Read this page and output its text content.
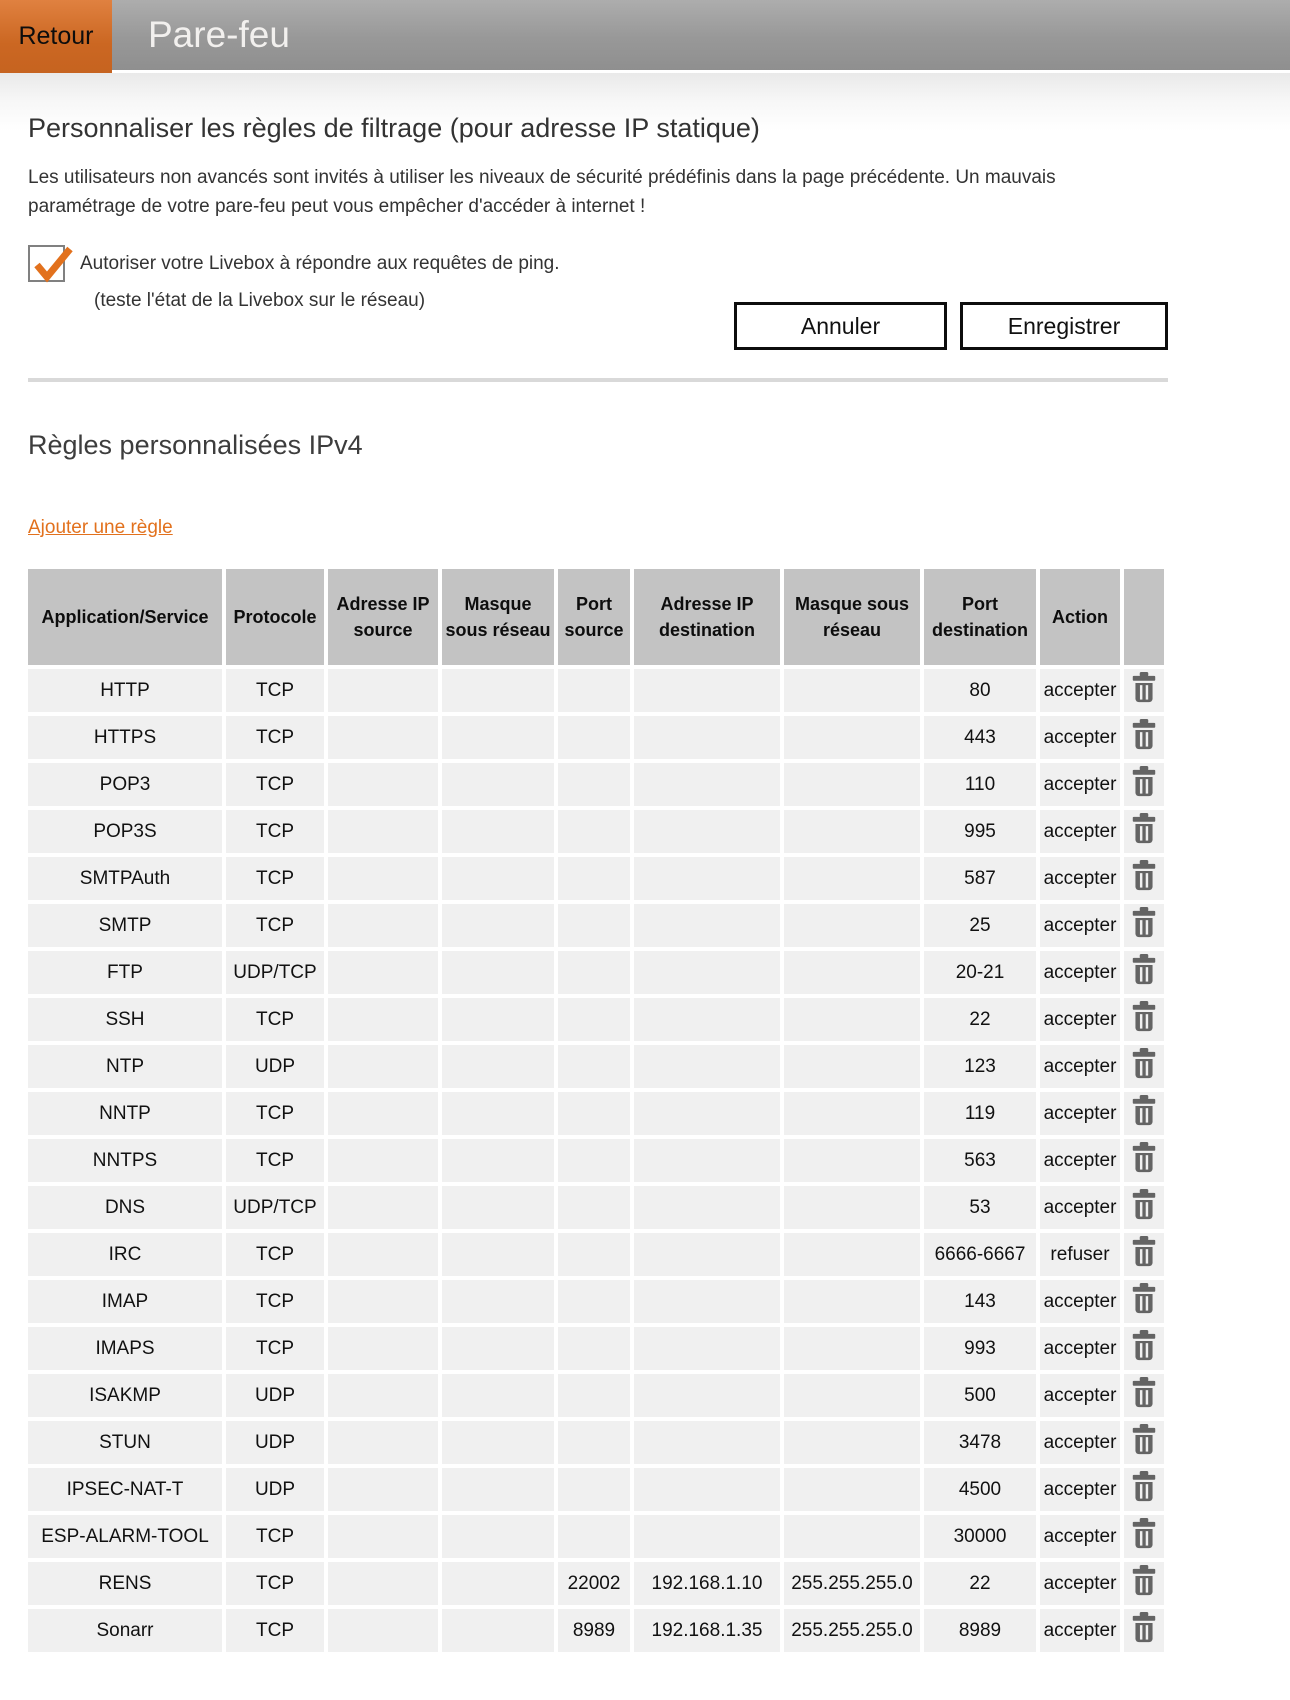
Retour	Pare-feu
Personnaliser les règles de filtrage (pour adresse IP statique)

Les utilisateurs non avancés sont invités à utiliser les niveaux de sécurité prédéfinis dans la page précédente. Un mauvais paramétrage de votre pare-feu peut vous empêcher d'accéder à internet !

Autoriser votre Livebox à répondre aux requêtes de ping.
(teste l'état de la Livebox sur le réseau)
Annuler	Enregistrer
Règles personnalisées IPv4
Ajouter une règle
Application/Service	Protocole	Adresse IP source	Masque sous réseau	Port source	Adresse IP destination	Masque sous réseau	Port destination	Action	
HTTP	TCP						80	accepter	
HTTPS	TCP						443	accepter	
POP3	TCP						110	accepter	
POP3S	TCP						995	accepter	
SMTPAuth	TCP						587	accepter	
SMTP	TCP						25	accepter	
FTP	UDP/TCP						20-21	accepter	
SSH	TCP						22	accepter	
NTP	UDP						123	accepter	
NNTP	TCP						119	accepter	
NNTPS	TCP						563	accepter	
DNS	UDP/TCP						53	accepter	
IRC	TCP						6666-6667	refuser	
IMAP	TCP						143	accepter	
IMAPS	TCP						993	accepter	
ISAKMP	UDP						500	accepter	
STUN	UDP						3478	accepter	
IPSEC-NAT-T	UDP						4500	accepter	
ESP-ALARM-TOOL	TCP						30000	accepter	
RENS	TCP			22002	192.168.1.10	255.255.255.0	22	accepter	
Sonarr	TCP			8989	192.168.1.35	255.255.255.0	8989	accepter	
